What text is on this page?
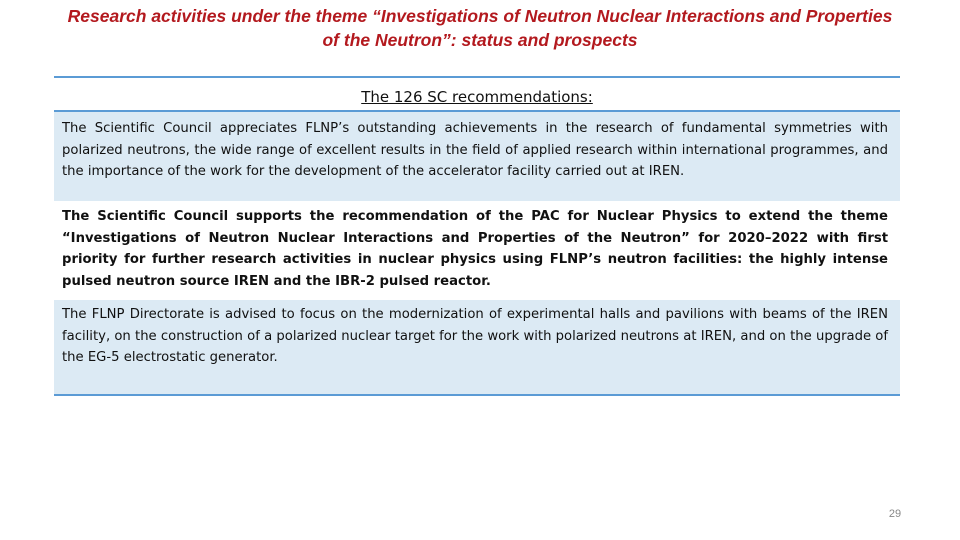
Research activities under the theme “Investigations of Neutron Nuclear Interactions and Properties
of the Neutron”: status and prospects
The 126 SC recommendations:
The Scientific Council appreciates FLNP’s outstanding achievements in the research of fundamental symmetries with polarized neutrons, the wide range of excellent results in the field of applied research within international programmes, and the importance of the work for the development of the accelerator facility carried out at IREN.
The Scientific Council supports the recommendation of the PAC for Nuclear Physics to extend the theme “Investigations of Neutron Nuclear Interactions and Properties of the Neutron” for 2020–2022 with first priority for further research activities in nuclear physics using FLNP’s neutron facilities: the highly intense pulsed neutron source IREN and the IBR-2 pulsed reactor.
The FLNP Directorate is advised to focus on the modernization of experimental halls and pavilions with beams of the IREN facility, on the construction of a polarized nuclear target for the work with polarized neutrons at IREN, and on the upgrade of the EG-5 electrostatic generator.
29
